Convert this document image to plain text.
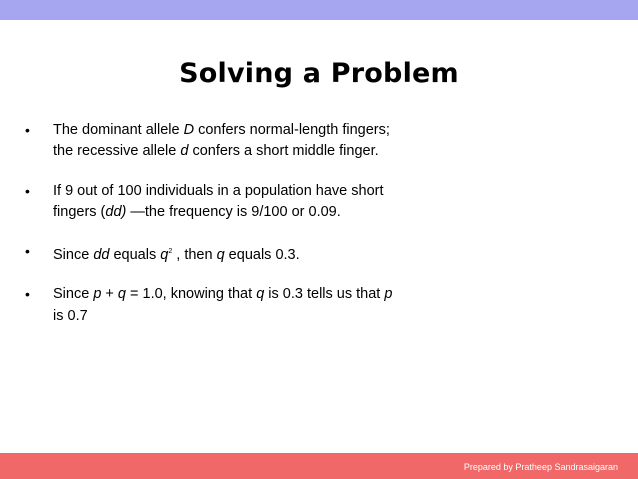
Solving a Problem
•	The dominant allele D confers normal-length fingers; the recessive allele d confers a short middle finger.
•	If 9 out of 100 individuals in a population have short fingers (dd) —the frequency is 9/100 or 0.09.
•	Since dd equals $q^2$ , then q equals 0.3.
•	Since p + q = 1.0, knowing that q is 0.3 tells us that p is 0.7
Prepared by Pratheep Sandrasaigaran
